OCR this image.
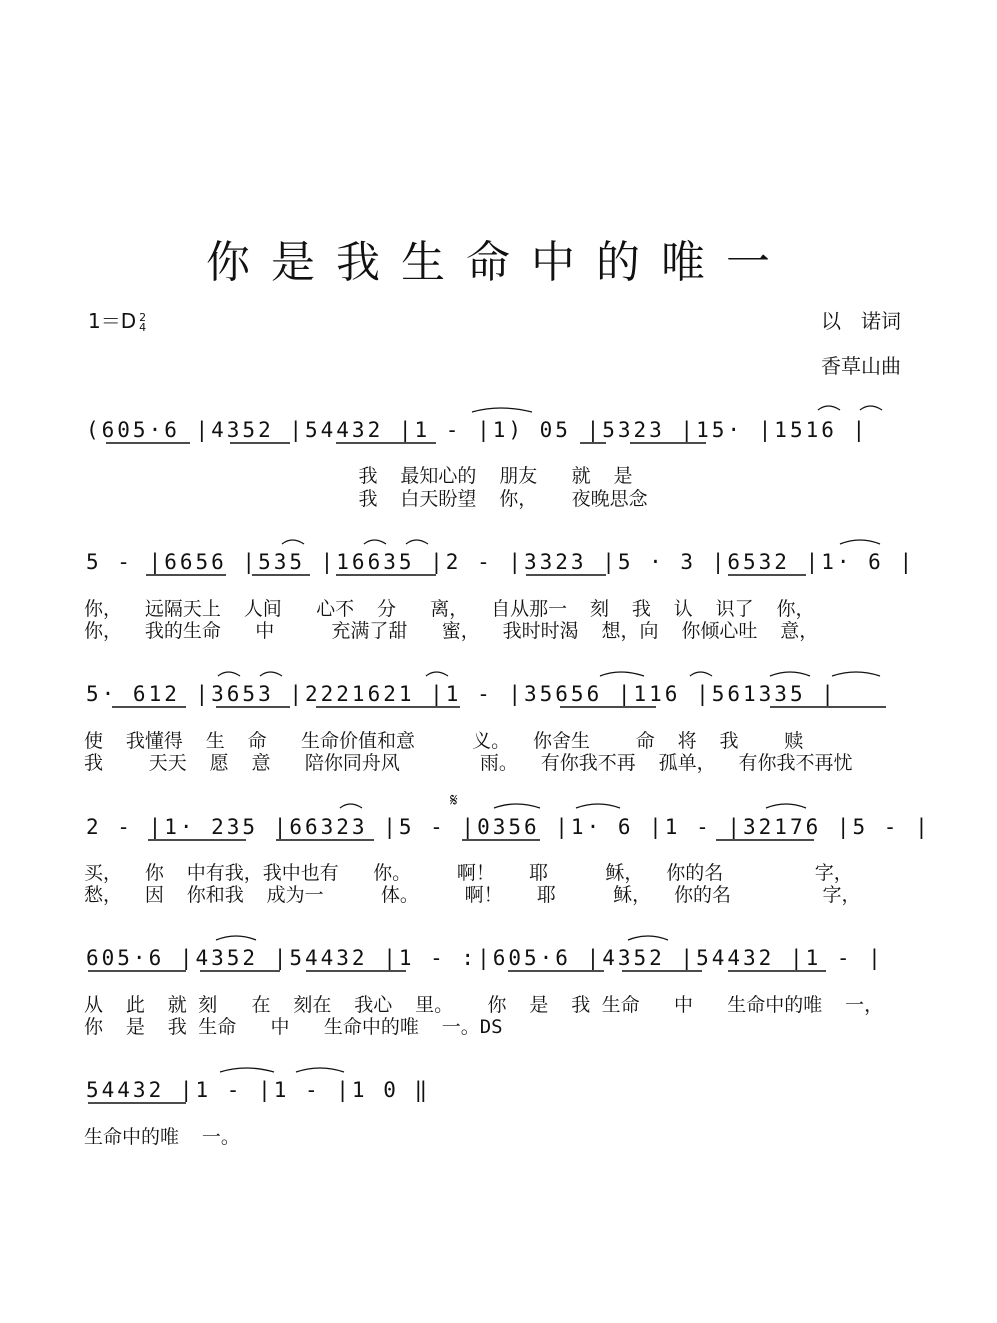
你是我生命中的唯一
1＝D 2
4	以　诺词
香草山曲
(605·6 |4352 |54432 |1 - |1) 05 |5323 |15· |1516 |
我  最知心的  朋友   就  是
我  白天盼望  你，   夜晚思念
5 - |6656 |535 |16635 |2 - |3323 |5 · 3 |6532 |1· 6 |
你，  远隔天上  人间   心不  分   离，  自从那一  刻  我  认  识了  你，
你，  我的生命   中     充满了甜   蜜，  我时时渴  想，向  你倾心吐  意，
5· 612 |3653 |2221621 |1 - |35656 |116 |561335 |
使  我懂得  生  命   生命价值和意     义。  你舍生    命  将  我    赎
我    天天  愿  意   陪你同舟风       雨。  有你我不再  孤单，  有你我不再忧
𝄋
2 - |1· 235 |66323 |5 - |0356 |1· 6 |1 - |32176 |5 - |
买，  你  中有我，我中也有   你。    啊！   耶     稣，  你的名        字，
愁，  因  你和我  成为一     体。    啊！   耶     稣，  你的名        字，
605·6 |4352 |54432 |1 - :|605·6 |4352 |54432 |1 - |
从  此  就 刻   在  刻在  我心  里。   你  是  我 生命   中   生命中的唯  一，
你  是  我 生命   中   生命中的唯  一。DS
54432 |1 - |1 - |1 0 ‖
生命中的唯  一。
